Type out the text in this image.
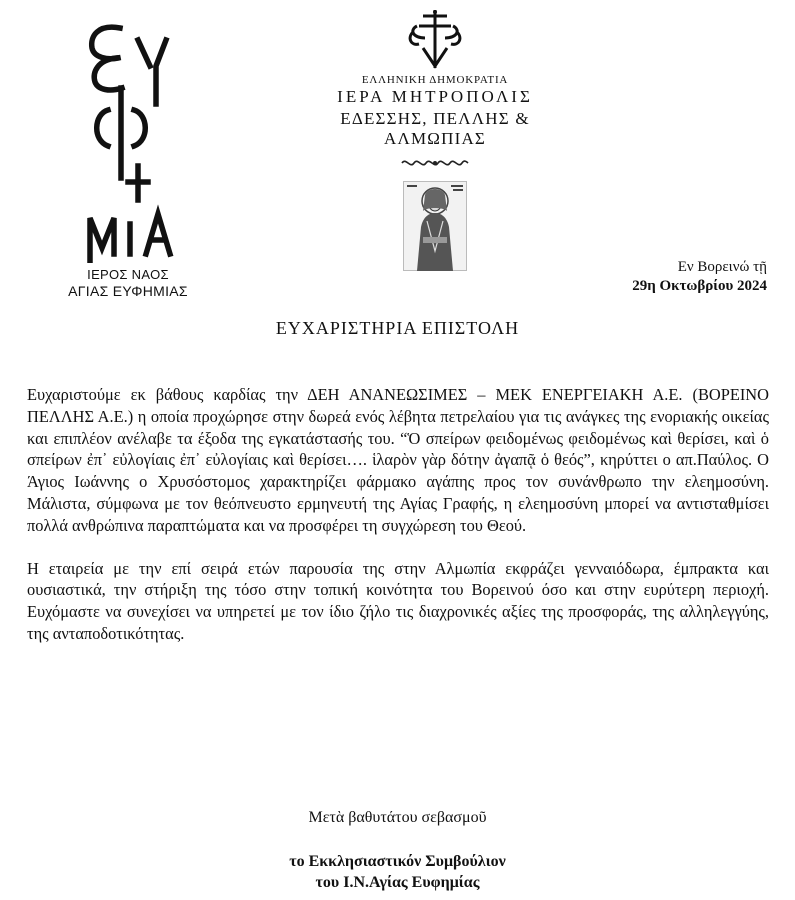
ΙΕΡΟΣ ΝΑΟΣ
ΑΓΙΑΣ ΕΥΦΗΜΙΑΣ
ΕΛΛΗΝΙΚΗ ΔΗΜΟΚΡΑΤΙΑ
ΙΕΡΑ ΜΗΤΡΟΠΟΛΙΣ
ΕΔΕΣΣΗΣ, ΠΕΛΛΗΣ & ΑΛΜΩΠΙΑΣ
Εν Βορεινώ τῇ
29η Οκτωβρίου 2024
ΕΥΧΑΡΙΣΤΗΡΙΑ ΕΠΙΣΤΟΛΗ

Ευχαριστούμε εκ βάθους καρδίας την ΔΕΗ ΑΝΑΝΕΩΣΙΜΕΣ – ΜΕΚ ΕΝΕΡΓΕΙΑΚΗ Α.Ε. (ΒΟΡΕΙΝΟ ΠΕΛΛΗΣ Α.Ε.) η οποία προχώρησε στην δωρεά ενός λέβητα πετρελαίου για τις ανάγκες της ενοριακής οικείας και επιπλέον ανέλαβε τα έξοδα της εγκατάστασής του. “Ὁ σπείρων φειδομένως φειδομένως καὶ θερίσει, καὶ ὁ σπείρων ἐπ᾽ εὐλογίαις ἐπ᾽ εὐλογίαις καὶ θερίσει…. ἱλαρὸν γὰρ δότην ἀγαπᾷ ὁ θεός”, κηρύττει ο απ.Παύλος. Ο Άγιος Ιωάννης ο Χρυσόστομος χαρακτηρίζει φάρμακο αγάπης προς τον συνάνθρωπο την ελεημοσύνη. Μάλιστα, σύμφωνα με τον θεόπνευστο ερμηνευτή της Αγίας Γραφής, η ελεημοσύνη μπορεί να αντισταθμίσει πολλά ανθρώπινα παραπτώματα και να προσφέρει τη συγχώρεση του Θεού.

Η εταιρεία με την επί σειρά ετών παρουσία της στην Αλμωπία εκφράζει γενναιόδωρα, έμπρακτα και ουσιαστικά, την στήριξη της τόσο στην τοπική κοινότητα του Βορεινού όσο και στην ευρύτερη περιοχή. Ευχόμαστε να συνεχίσει να υπηρετεί με τον ίδιο ζήλο τις διαχρονικές αξίες της προσφοράς, της αλληλεγγύης, της ανταποδοτικότητας.

Μετὰ βαθυτάτου σεβασμοῦ
το Εκκλησιαστικόν Συμβούλιον
του Ι.Ν.Αγίας Ευφημίας
